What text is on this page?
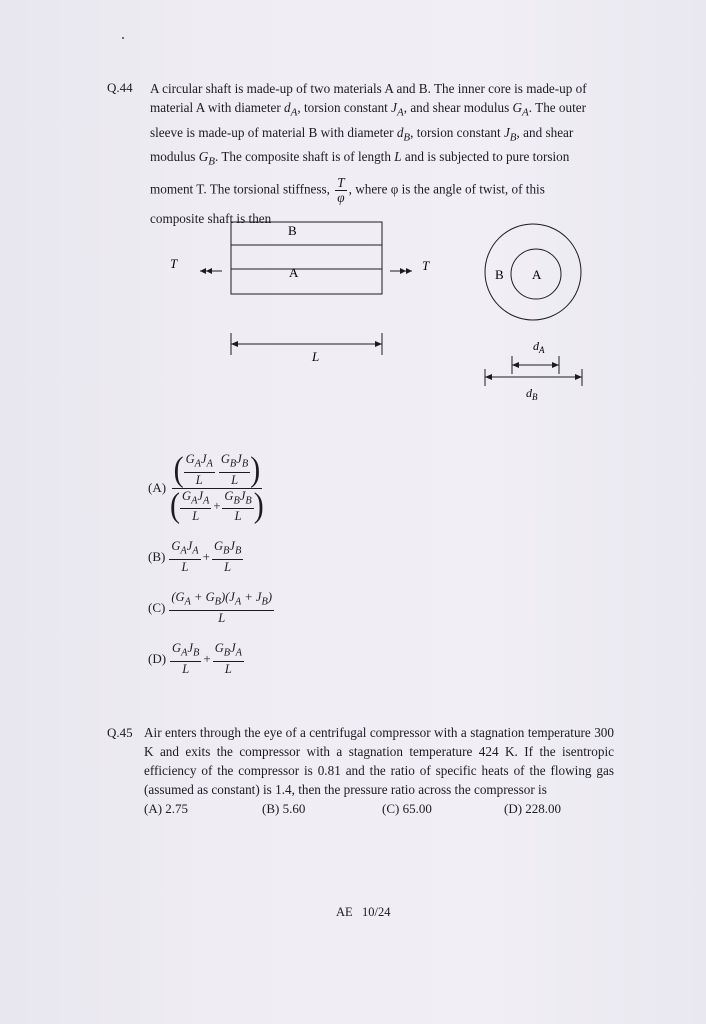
Q.44 A circular shaft is made-up of two materials A and B. The inner core is made-up of
material A with diameter $d_A$, torsion constant $J_A$, and shear modulus $G_A$. The outer
sleeve is made-up of material B with diameter $d_B$, torsion constant $J_B$, and shear
modulus $G_B$. The composite shaft is of length L and is subjected to pure torsion
moment T. The torsional stiffness, $\frac{T}{\varphi}$ , where φ is the angle of twist, of this
composite shaft is then
B
A
T	T
L
B A
$d_A$
$d_B$
(A) ( $G_AJ_A$
L
$G_BJ_B$
L )
( $G_AJ_A$
L
+
$G_BJ_B$
L )
(B)
$G_AJ_A$
L
+
$G_BJ_B$
L
(C)
$(G_A + G_B)(J_A + J_B)$
L
(D)
$G_AJ_B$
L
+
$G_BJ_A$
L
Q.45 Air enters through the eye of a centrifugal compressor with a stagnation temperature 300 K and exits the compressor with a stagnation temperature 424 K. If the isentropic efficiency of the compressor is 0.81 and the ratio of specific heats of the flowing gas (assumed as constant) is 1.4, then the pressure ratio across the compressor is
(A) 2.75	(B) 5.60	(C) 65.00	(D) 228.00
AE   10/24
